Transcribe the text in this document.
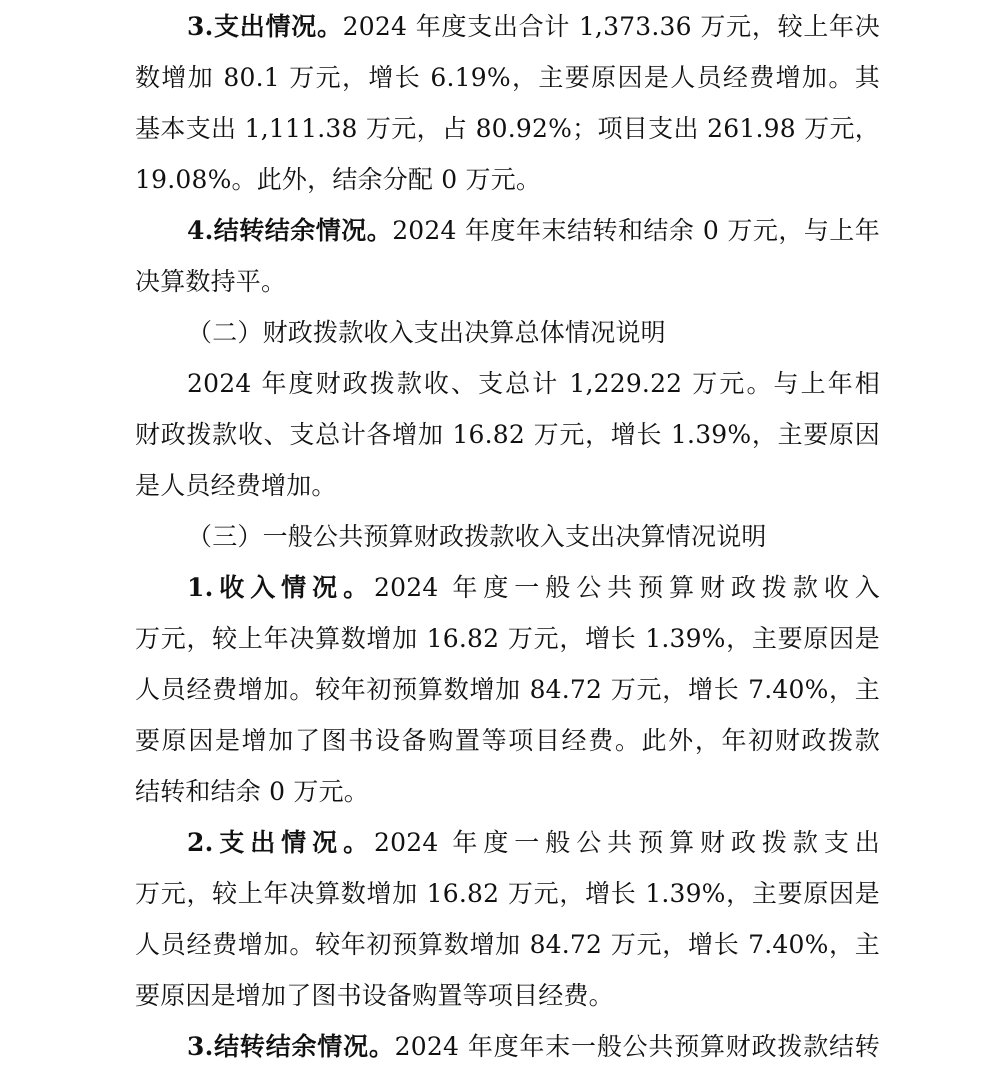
3.支出情况。2024 年度支出合计 1,373.36 万元，较上年决
数增加 80.1 万元，增长 6.19%，主要原因是人员经费增加。其
基本支出 1,111.38 万元，占 80.92%；项目支出 261.98 万元，
19.08%。此外，结余分配 0 万元。
4.结转结余情况。2024 年度年末结转和结余 0 万元，与上年
决算数持平。
（二）财政拨款收入支出决算总体情况说明
2024 年度财政拨款收、支总计 1,229.22 万元。与上年相
财政拨款收、支总计各增加 16.82 万元，增长 1.39%，主要原因
是人员经费增加。
（三）一般公共预算财政拨款收入支出决算情况说明
1.收入情况。2024 年度一般公共预算财政拨款收入
万元，较上年决算数增加 16.82 万元，增长 1.39%，主要原因是
人员经费增加。较年初预算数增加 84.72 万元，增长 7.40%，主
要原因是增加了图书设备购置等项目经费。此外，年初财政拨款
结转和结余 0 万元。
2.支出情况。2024 年度一般公共预算财政拨款支出
万元，较上年决算数增加 16.82 万元，增长 1.39%，主要原因是
人员经费增加。较年初预算数增加 84.72 万元，增长 7.40%，主
要原因是增加了图书设备购置等项目经费。
3.结转结余情况。2024 年度年末一般公共预算财政拨款结转
